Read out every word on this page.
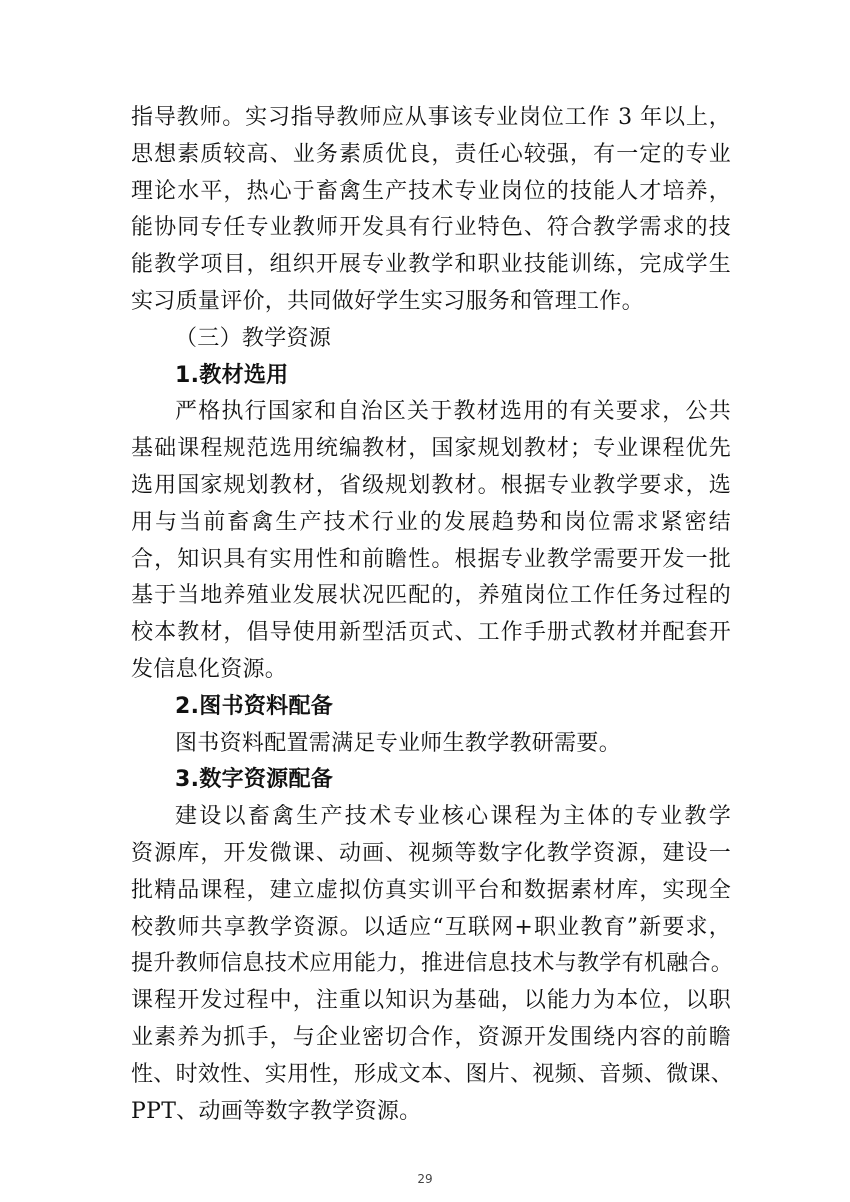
指导教师。实习指导教师应从事该专业岗位工作 3 年以上，
思想素质较高、业务素质优良，责任心较强，有一定的专业
理论水平，热心于畜禽生产技术专业岗位的技能人才培养，
能协同专任专业教师开发具有行业特色、符合教学需求的技
能教学项目，组织开展专业教学和职业技能训练，完成学生
实习质量评价，共同做好学生实习服务和管理工作。
（三）教学资源
1.教材选用
严格执行国家和自治区关于教材选用的有关要求，公共
基础课程规范选用统编教材，国家规划教材；专业课程优先
选用国家规划教材，省级规划教材。根据专业教学要求，选
用与当前畜禽生产技术行业的发展趋势和岗位需求紧密结
合，知识具有实用性和前瞻性。根据专业教学需要开发一批
基于当地养殖业发展状况匹配的，养殖岗位工作任务过程的
校本教材，倡导使用新型活页式、工作手册式教材并配套开
发信息化资源。
2.图书资料配备
图书资料配置需满足专业师生教学教研需要。
3.数字资源配备
建设以畜禽生产技术专业核心课程为主体的专业教学
资源库，开发微课、动画、视频等数字化教学资源，建设一
批精品课程，建立虚拟仿真实训平台和数据素材库，实现全
校教师共享教学资源。以适应“互联网+职业教育”新要求，
提升教师信息技术应用能力，推进信息技术与教学有机融合。
课程开发过程中，注重以知识为基础，以能力为本位，以职
业素养为抓手，与企业密切合作，资源开发围绕内容的前瞻
性、时效性、实用性，形成文本、图片、视频、音频、微课、
PPT、动画等数字教学资源。
29
